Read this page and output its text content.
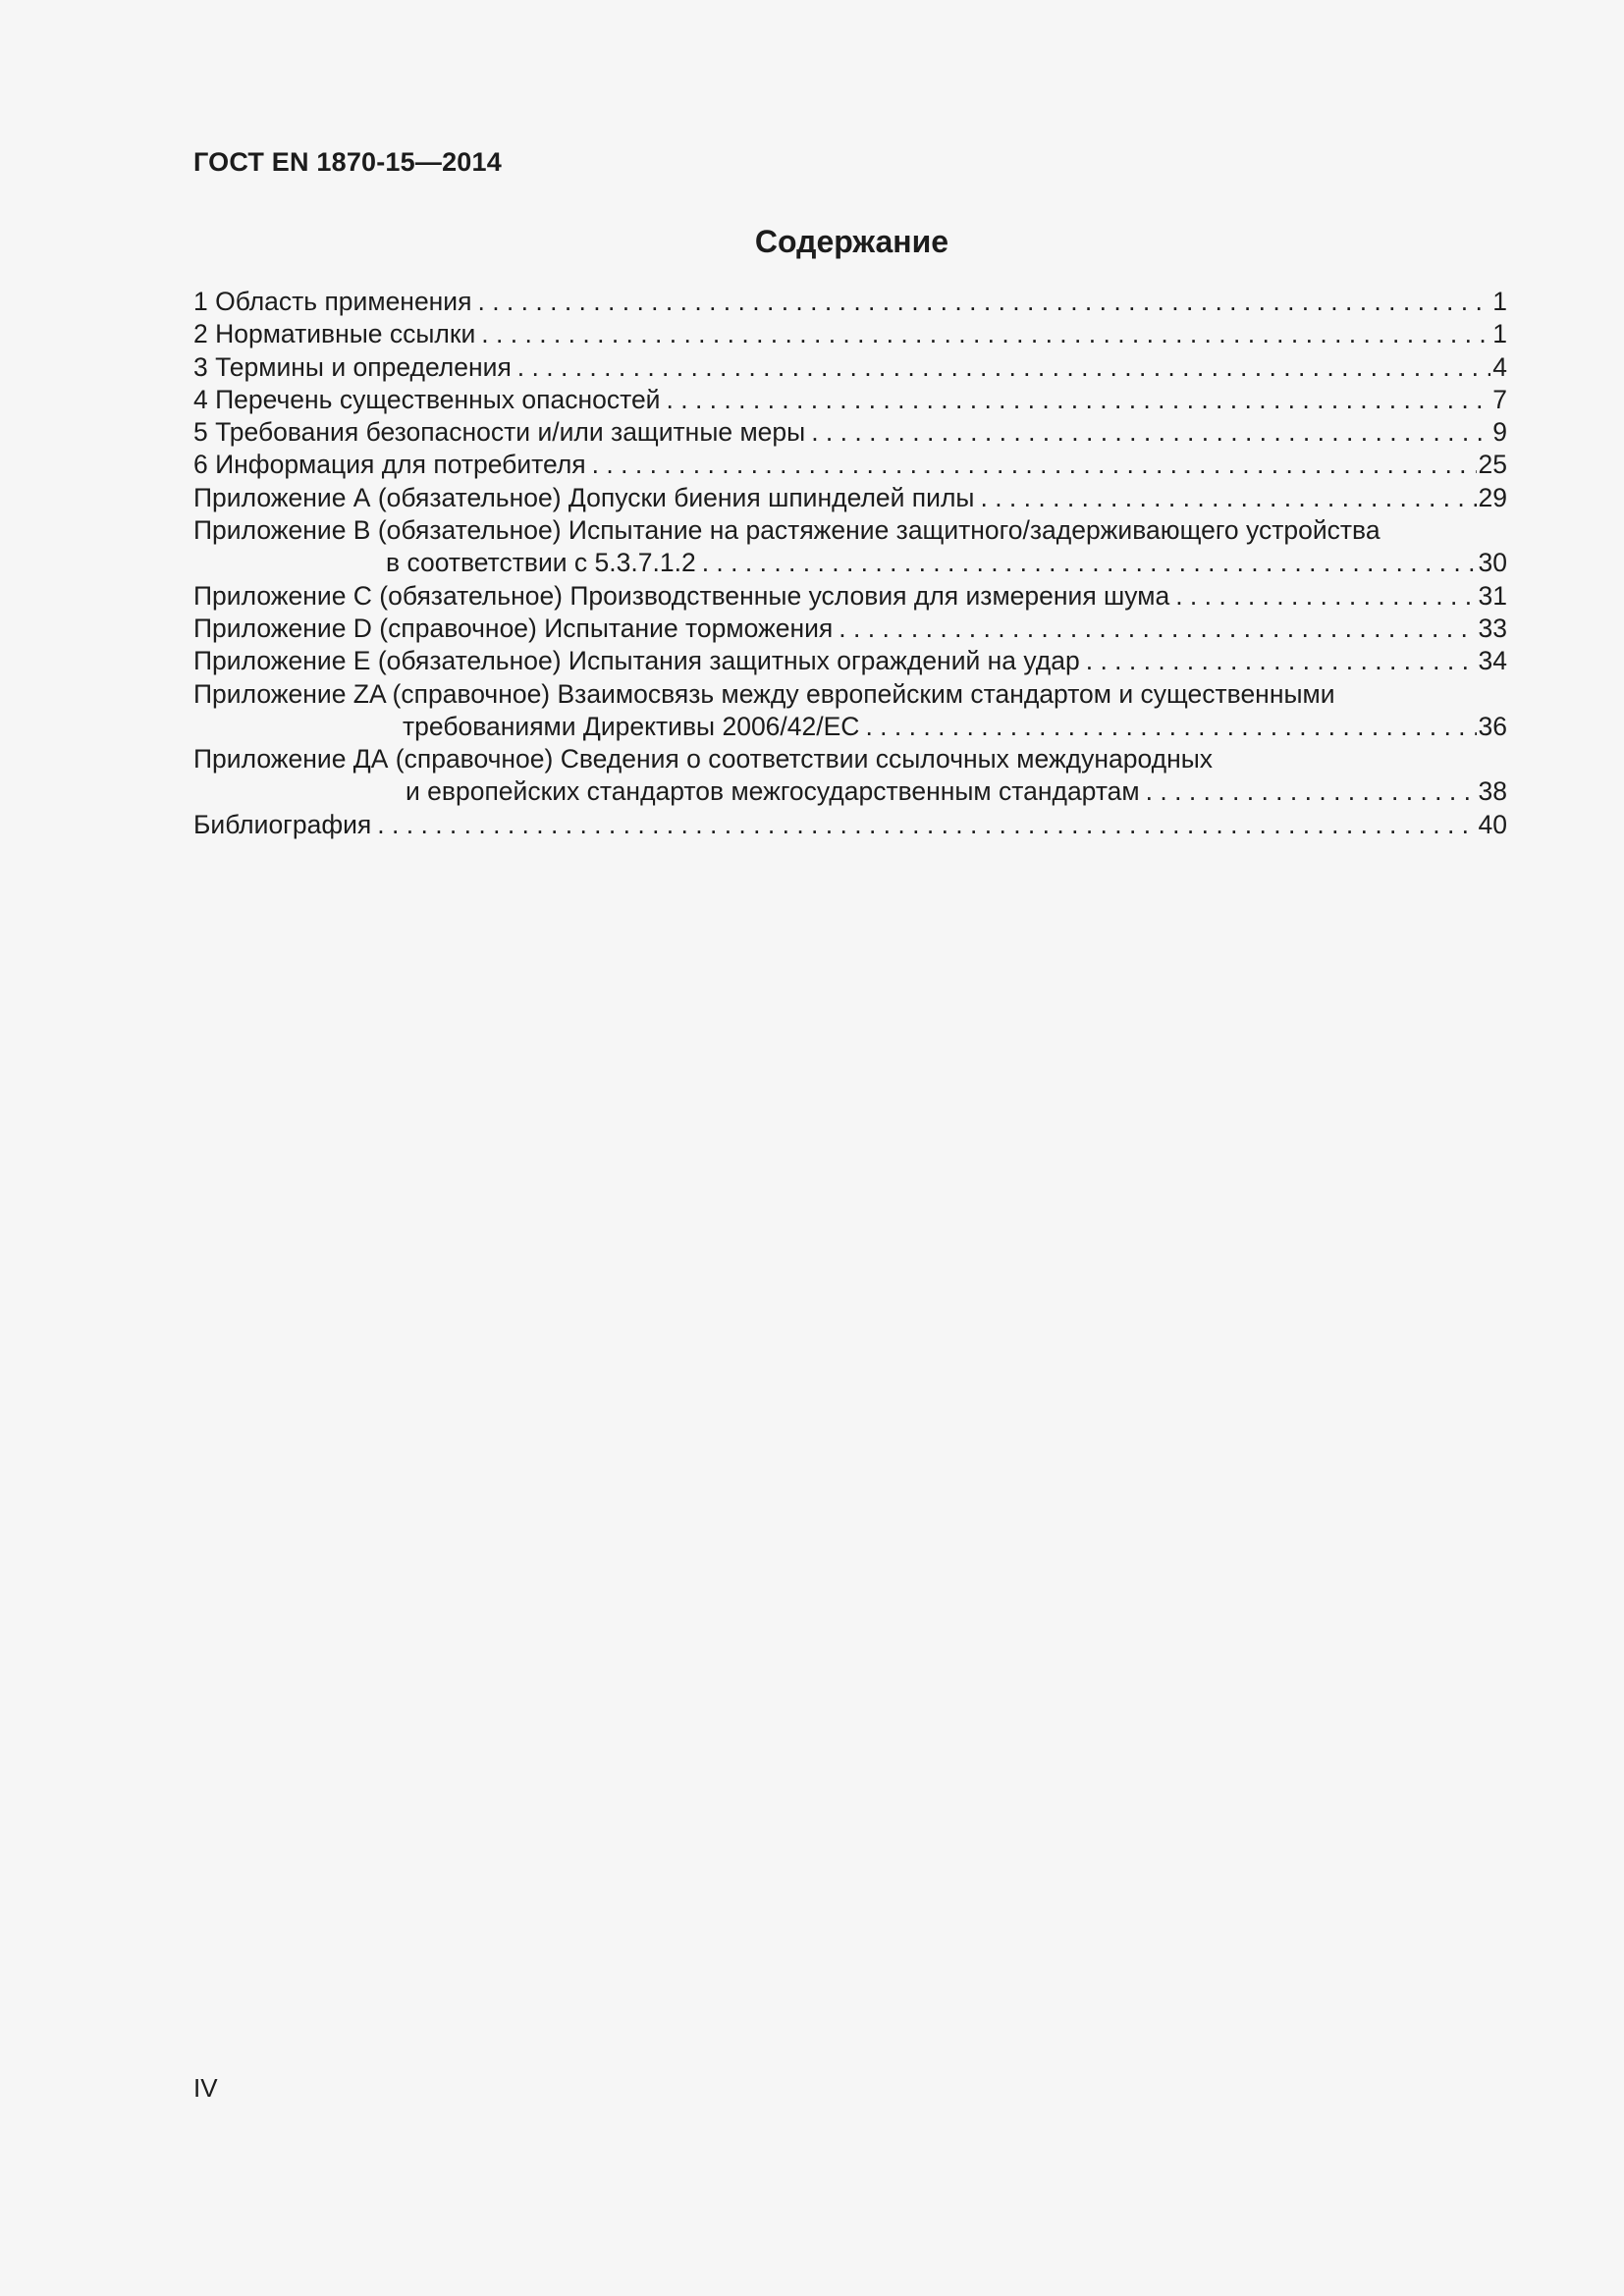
ГОСТ EN 1870-15—2014
Содержание
1 Область применения . . .	1
2 Нормативные ссылки . . .	1
3 Термины и определения . . .	4
4 Перечень существенных опасностей . . .	7
5 Требования безопасности и/или защитные меры . . .	9
6 Информация для потребителя . . .	25
Приложение А (обязательное) Допуски биения шпинделей пилы . . .	29
Приложение В (обязательное) Испытание на растяжение защитного/задерживающего устройства
в соответствии с 5.3.7.1.2 . . .	30
Приложение С (обязательное) Производственные условия для измерения шума . . .	31
Приложение D (справочное) Испытание торможения . . .	33
Приложение Е (обязательное) Испытания защитных ограждений на удар . . .	34
Приложение ZA (справочное) Взаимосвязь между европейским стандартом и существенными
требованиями Директивы 2006/42/ЕС . . .	36
Приложение ДА (справочное) Сведения о соответствии ссылочных международных
и европейских стандартов межгосударственным стандартам . . .	38
Библиография . . .	40
IV
